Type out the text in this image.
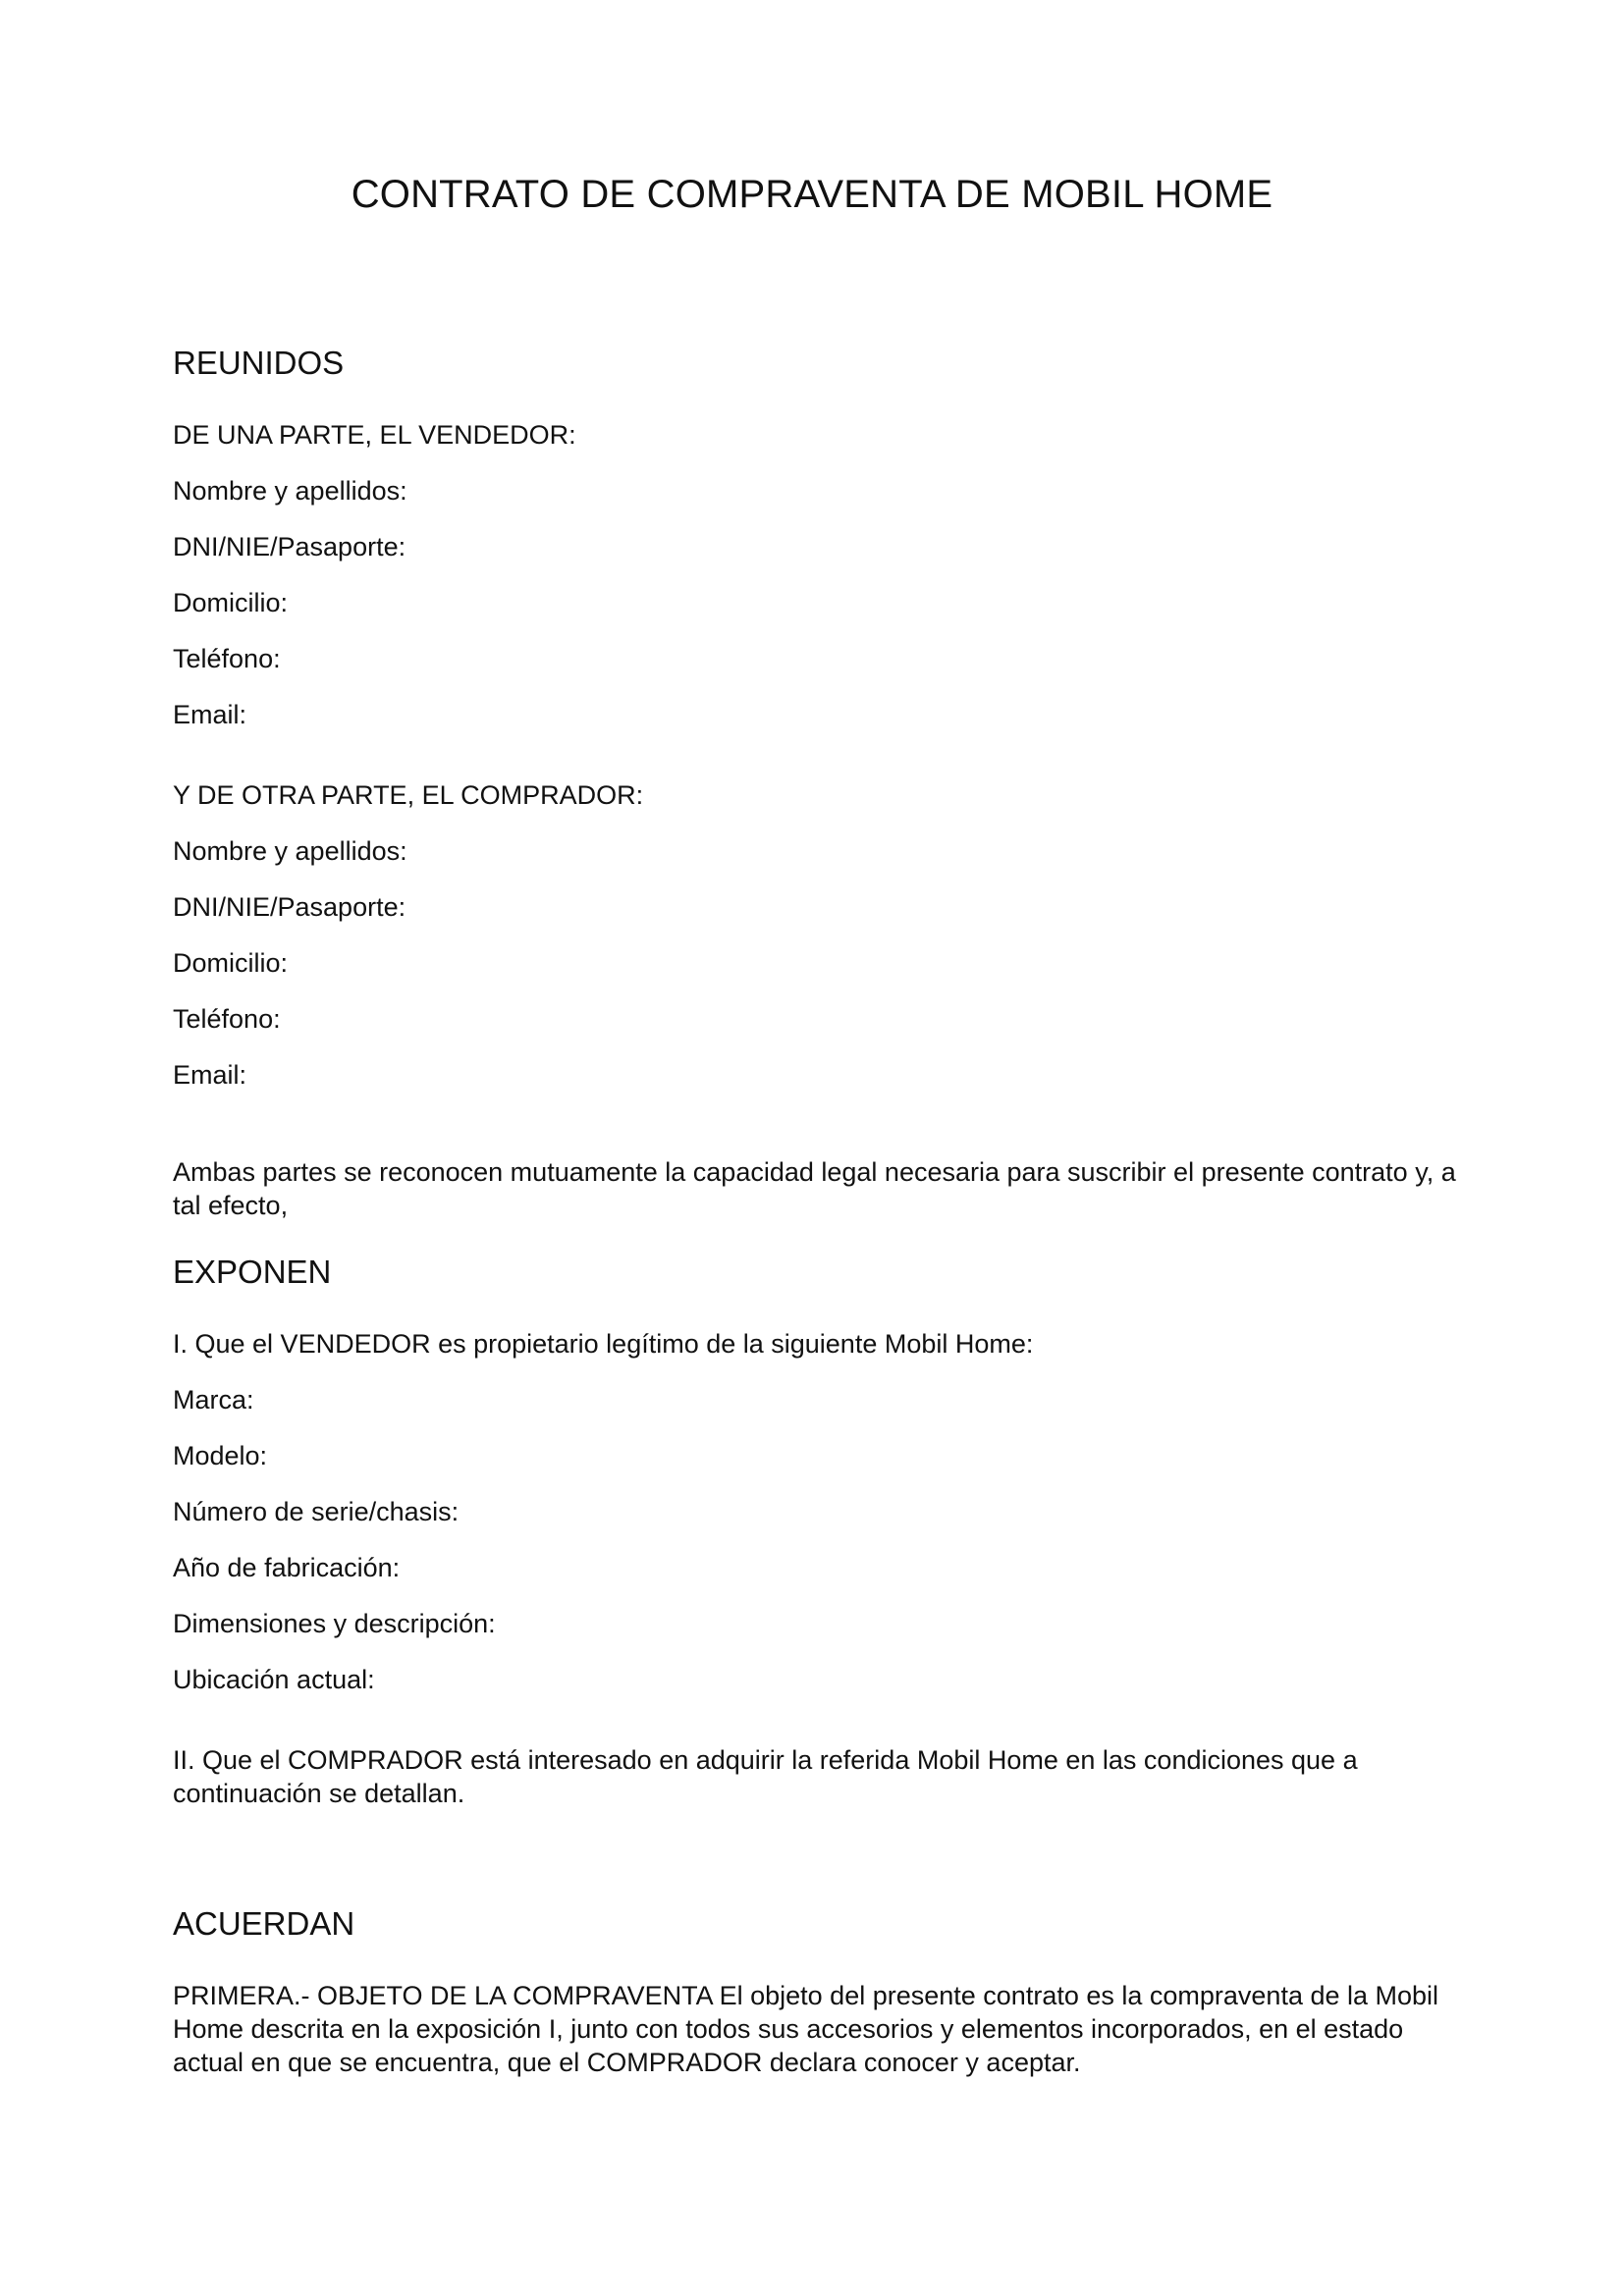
CONTRATO DE COMPRAVENTA DE MOBIL HOME
REUNIDOS

DE UNA PARTE, EL VENDEDOR:

Nombre y apellidos:

DNI/NIE/Pasaporte:

Domicilio:

Teléfono:

Email:

Y DE OTRA PARTE, EL COMPRADOR:

Nombre y apellidos:

DNI/NIE/Pasaporte:

Domicilio:

Teléfono:

Email:

Ambas partes se reconocen mutuamente la capacidad legal necesaria para suscribir el presente contrato y, a tal efecto,

EXPONEN

I. Que el VENDEDOR es propietario legítimo de la siguiente Mobil Home:

Marca:

Modelo:

Número de serie/chasis:

Año de fabricación:

Dimensiones y descripción:

Ubicación actual:

II. Que el COMPRADOR está interesado en adquirir la referida Mobil Home en las condiciones que a continuación se detallan.

ACUERDAN

PRIMERA.- OBJETO DE LA COMPRAVENTA El objeto del presente contrato es la compraventa de la Mobil Home descrita en la exposición I, junto con todos sus accesorios y elementos incorporados, en el estado actual en que se encuentra, que el COMPRADOR declara conocer y aceptar.
